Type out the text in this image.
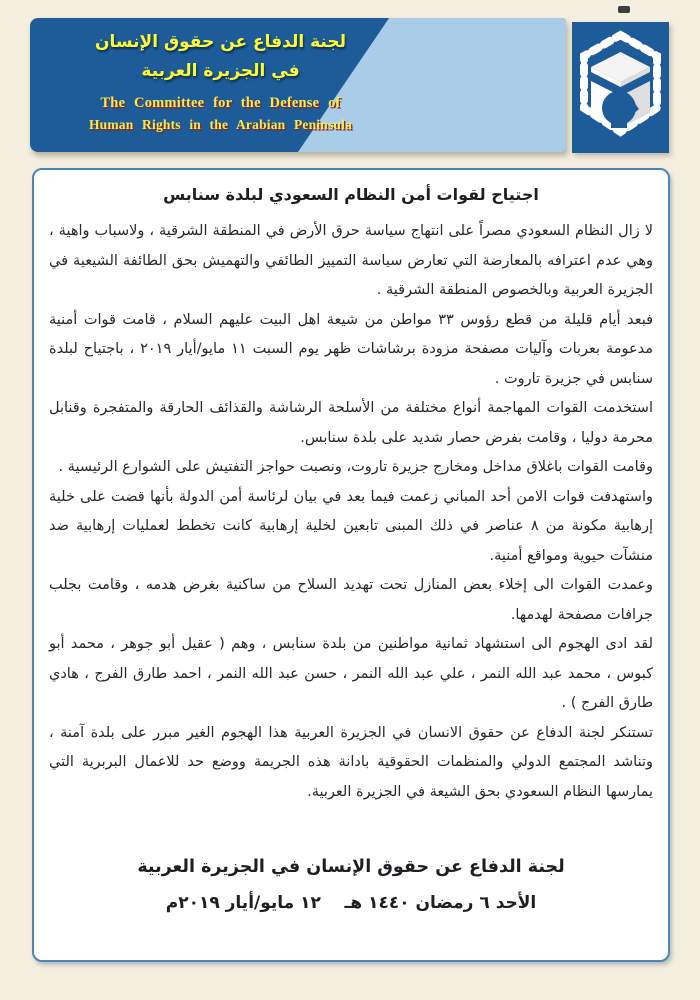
لجنة الدفاع عن حقوق الإنسان
في الجزيرة العربية
The Committee for the Defense of
Human Rights in the Arabian Peninsula
اجتياح لقوات أمن النظام السعودي لبلدة سنابس

لا زال النظام السعودي مصراً على انتهاج سياسة حرق الأرض في المنطقة الشرقية ، ولاسباب واهية ، وهي عدم اعترافه بالمعارضة التي تعارض سياسة التمييز الطائفي والتهميش بحق الطائفة الشيعية في الجزيرة العربية وبالخصوص المنطقة الشرقية .

فبعد أيام قليلة من قطع رؤوس ٣٣ مواطن من شيعة اهل البيت عليهم السلام ، قامت قوات أمنية مدعومة بعربات وآليات مصفحة مزودة برشاشات ظهر يوم السبت ١١ مايو/أيار ٢٠١٩ ، باجتياح لبلدة سنابس في جزيرة تاروت .

استخدمت القوات المهاجمة أنواع مختلفة من الأسلحة الرشاشة والقذائف الحارقة والمتفجرة وقنابل محرمة دوليا ، وقامت بفرض حصار شديد على بلدة سنابس.

وقامت القوات باغلاق مداخل ومخارج جزيرة تاروت، ونصبت حواجز التفتيش على الشوارع الرئيسية .

واستهدفت قوات الامن أحد المباني زعمت فيما بعد في بيان لرئاسة أمن الدولة بأنها قضت على خلية إرهابية مكونة من ٨ عناصر في ذلك المبنى تابعين لخلية إرهابية كانت تخطط لعمليات إرهابية ضد منشآت حيوية ومواقع أمنية.

وعمدت القوات الى إخلاء بعض المنازل تحت تهديد السلاح من ساكنية بغرض هدمه ، وقامت بجلب جرافات مصفحة لهدمها.

لقد ادى الهجوم الى استشهاد ثمانية مواطنين من بلدة سنابس ، وهم ( عقيل أبو جوهر ، محمد أبو كبوس ، محمد عبد الله النمر ، علي عبد الله النمر ، حسن عبد الله النمر ، احمد طارق الفرج ، هادي طارق الفرج ) .

تستنكر لجنة الدفاع عن حقوق الانسان في الجزيرة العربية هذا الهجوم الغير مبرر على بلدة آمنة ، وتناشد المجتمع الدولي والمنظمات الحقوقية بادانة هذه الجريمة ووضع حد للاعمال البربرية التي يمارسها النظام السعودي بحق الشيعة في الجزيرة العربية.

لجنة الدفاع عن حقوق الإنسان في الجزيرة العربية
الأحد ٦ رمضان ١٤٤٠ هـ    ١٢ مايو/أيار ٢٠١٩م
